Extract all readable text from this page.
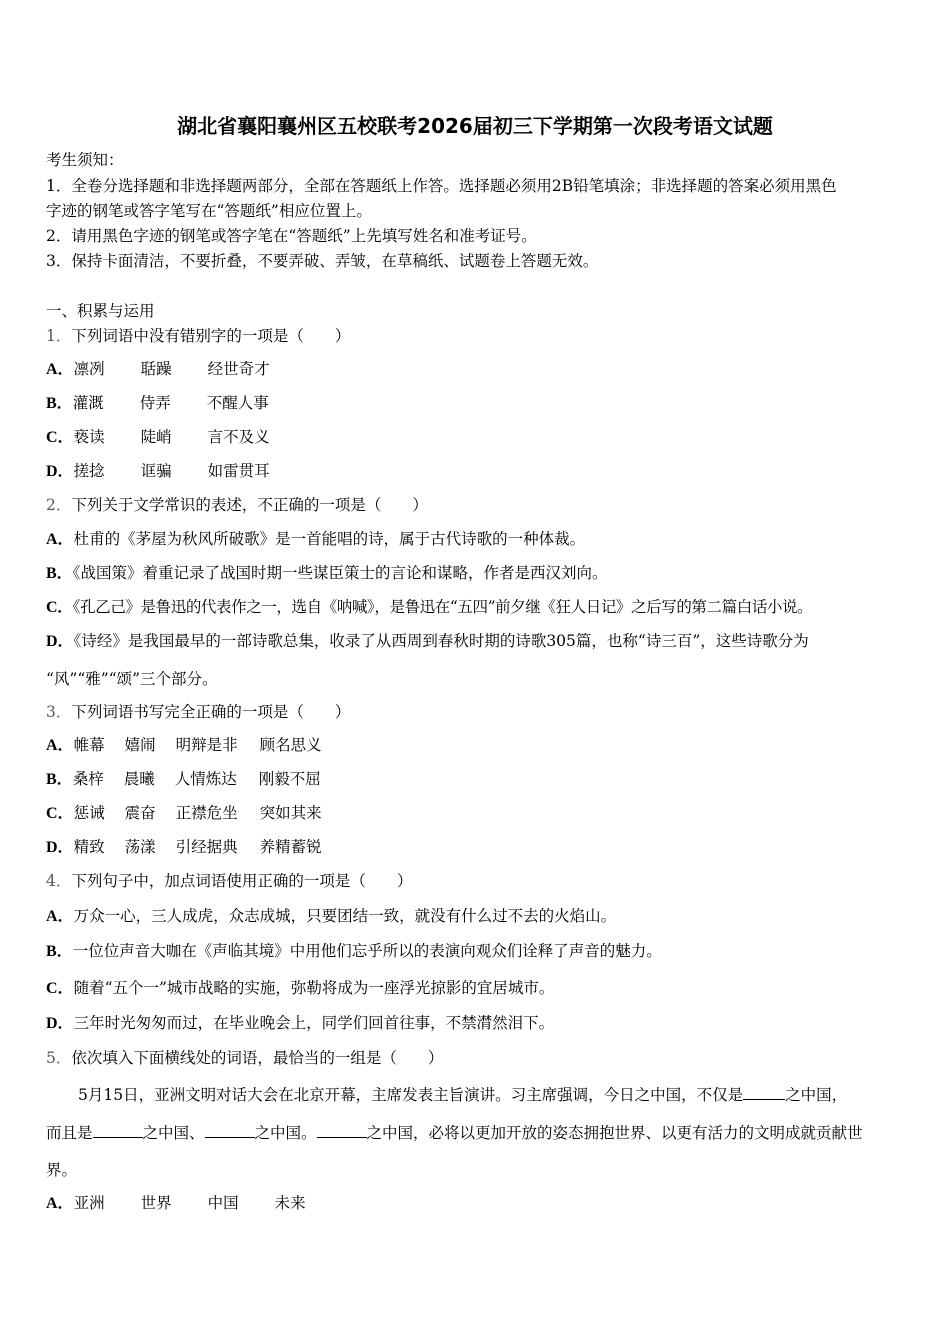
湖北省襄阳襄州区五校联考2026届初三下学期第一次段考语文试题
考生须知：
1．全卷分选择题和非选择题两部分，全部在答题纸上作答。选择题必须用2B铅笔填涂；非选择题的答案必须用黑色
字迹的钢笔或答字笔写在“答题纸”相应位置上。
2．请用黑色字迹的钢笔或答字笔在“答题纸”上先填写姓名和准考证号。
3．保持卡面清洁，不要折叠，不要弄破、弄皱，在草稿纸、试题卷上答题无效。
一、积累与运用
1．下列词语中没有错别字的一项是（　　）
A．凛冽 聒躁 经世奇才
B．灌溉 侍弄 不醒人事
C．亵读 陡峭 言不及义
D．搓捻 诓骗 如雷贯耳
2．下列关于文学常识的表述，不正确的一项是（　　）
A．杜甫的《茅屋为秋风所破歌》是一首能唱的诗，属于古代诗歌的一种体裁。
B．《战国策》着重记录了战国时期一些谋臣策士的言论和谋略，作者是西汉刘向。
C．《孔乙己》是鲁迅的代表作之一，选自《呐喊》，是鲁迅在“五四”前夕继《狂人日记》之后写的第二篇白话小说。
D．《诗经》是我国最早的一部诗歌总集，收录了从西周到春秋时期的诗歌305篇，也称“诗三百”，这些诗歌分为
“风”“雅”“颂”三个部分。
3．下列词语书写完全正确的一项是（　　）
A．帷幕 嬉闹 明辩是非 顾名思义
B．桑梓 晨曦 人情炼达 刚毅不屈
C．惩诫 震奋 正襟危坐 突如其来
D．精致 荡漾 引经据典 养精蓄锐
4．下列句子中，加点词语使用正确的一项是（　　）
A．万众一心，三人成虎，众志成城，只要团结一致，就没有什么过不去的火焰山。
B．一位位声音大咖在《声临其境》中用他们忘乎所以的表演向观众们诠释了声音的魅力。
C．随着“五个一”城市战略的实施，弥勒将成为一座浮光掠影的宜居城市。
D．三年时光匆匆而过，在毕业晚会上，同学们回首往事，不禁潸然泪下。
5．依次填入下面横线处的词语，最恰当的一组是（　　）
5月15日，亚洲文明对话大会在北京开幕，主席发表主旨演讲。习主席强调，今日之中国，不仅是	之中国，
而且是	之中国、	之中国。	之中国，必将以更加开放的姿态拥抱世界、以更有活力的文明成就贡献世
界。
A．亚洲 世界 中国 未来
